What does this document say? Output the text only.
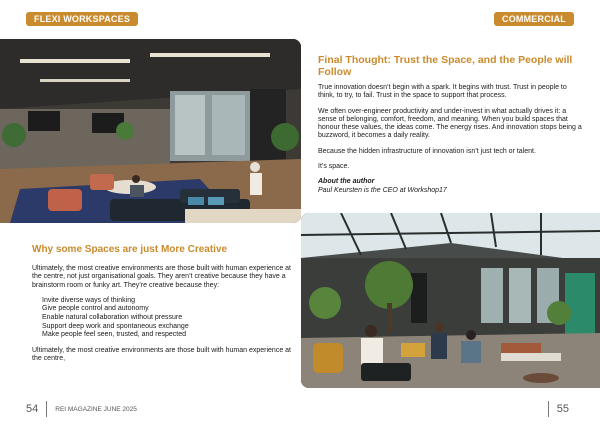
FLEXI WORKSPACES	COMMERCIAL
Final Thought: Trust the Space, and the People will Follow

True innovation doesn’t begin with a spark. It begins with trust. Trust in people to think, to try, to fail. Trust in the space to support that process.

We often over-engineer productivity and under-invest in what actually drives it: a sense of belonging, comfort, freedom, and meaning. When you build spaces that honour these values, the ideas come. The energy rises. And innovation stops being a buzzword, it becomes a daily reality.

Because the hidden infrastructure of innovation isn’t just tech or talent.

It’s space.

About the author
Paul Keursten is the CEO at Workshop17
Why some Spaces are just More Creative

Ultimately, the most creative environments are those built with human experience at the centre, not just organisational goals. They aren’t creative because they have a brainstorm room or funky art. They’re creative because they:

Invite diverse ways of thinking
Give people control and autonomy
Enable natural collaboration without pressure
Support deep work and spontaneous exchange
Make people feel seen, trusted, and respected

Ultimately, the most creative environments are those built with human experience at the centre,

54	REI MAGAZINE JUNE 2025	55
